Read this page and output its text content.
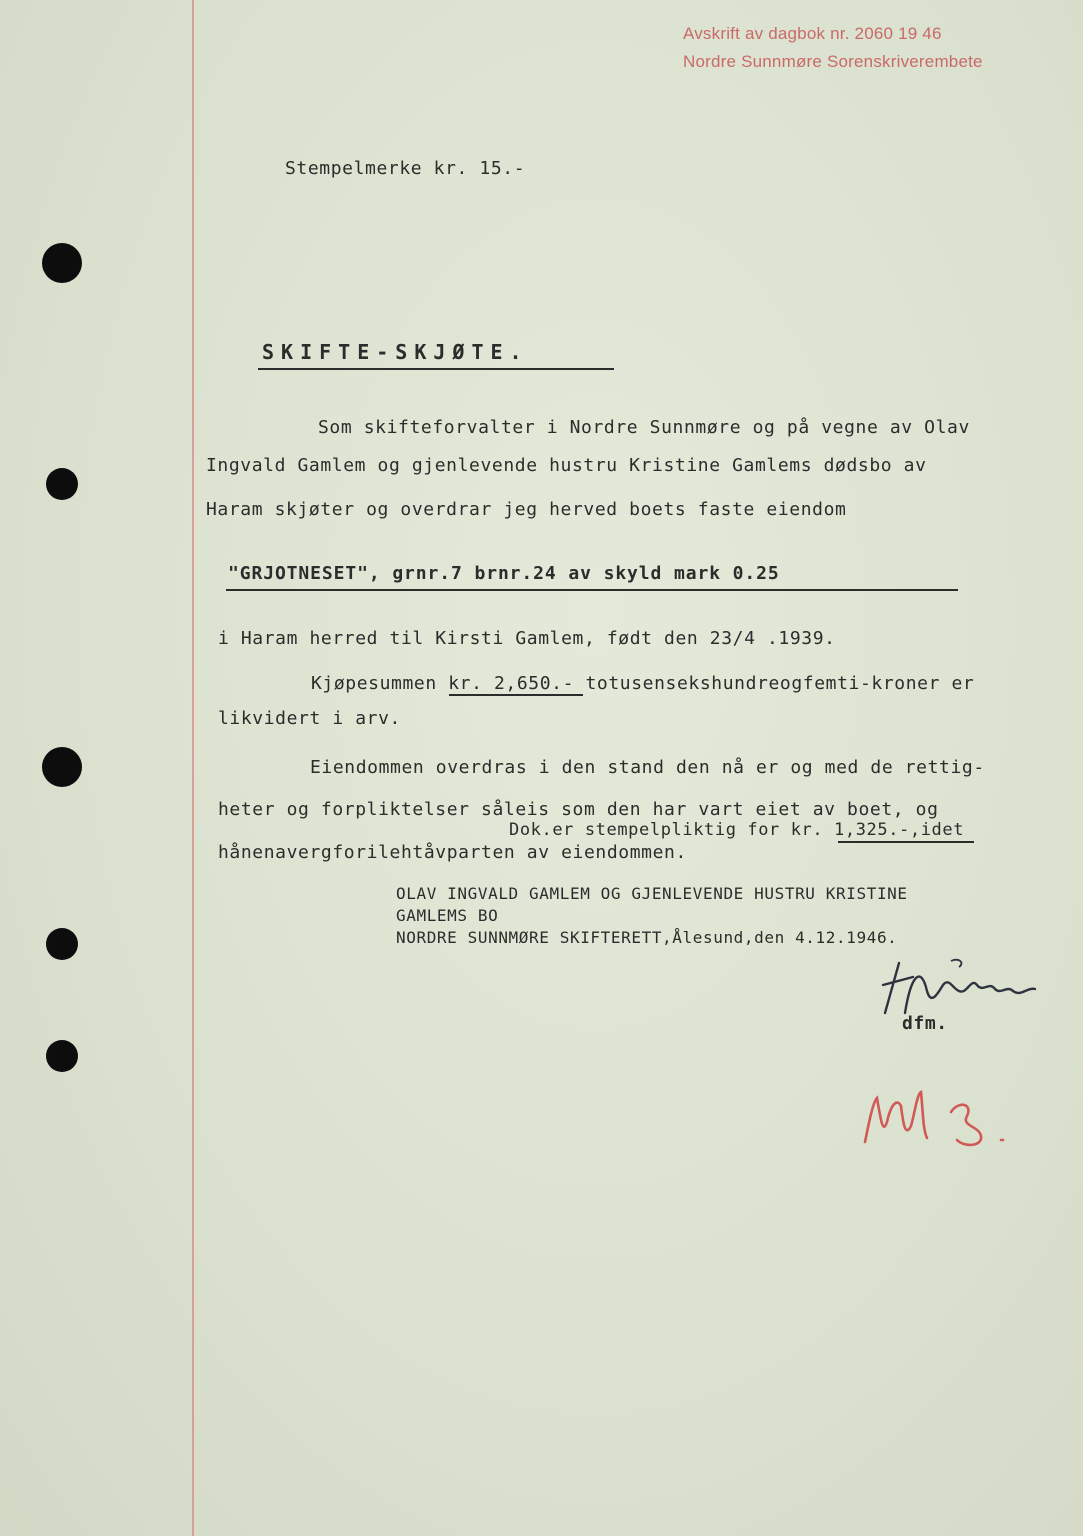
Avskrift av dagbok nr. 2060 19 46
Nordre Sunnmøre Sorenskriverembete
Stempelmerke kr. 15.-
SKIFTE-SKJØTE.
Som skifteforvalter i Nordre Sunnmøre og på vegne av Olav
Ingvald Gamlem og gjenlevende hustru Kristine Gamlems dødsbo av
Haram skjøter og overdrar jeg herved boets faste eiendom
"GRJOTNESET", grnr.7 brnr.24 av skyld mark 0.25
i Haram herred til Kirsti Gamlem, født den 23/4 .1939.
Kjøpesummen kr. 2,650.- totusensekshundreogfemti-kroner er
likvidert i arv.
Eiendommen overdras i den stand den nå er og med de rettig-
heter og forpliktelser såleis som den har vart eiet av boet, og
Dok.er stempelpliktig for kr. 1,325.-,idet
hånenavergforilehtåvparten av eiendommen.
OLAV INGVALD GAMLEM OG GJENLEVENDE HUSTRU KRISTINE
GAMLEMS BO
NORDRE SUNNMØRE SKIFTERETT,Ålesund,den 4.12.1946.
dfm.
